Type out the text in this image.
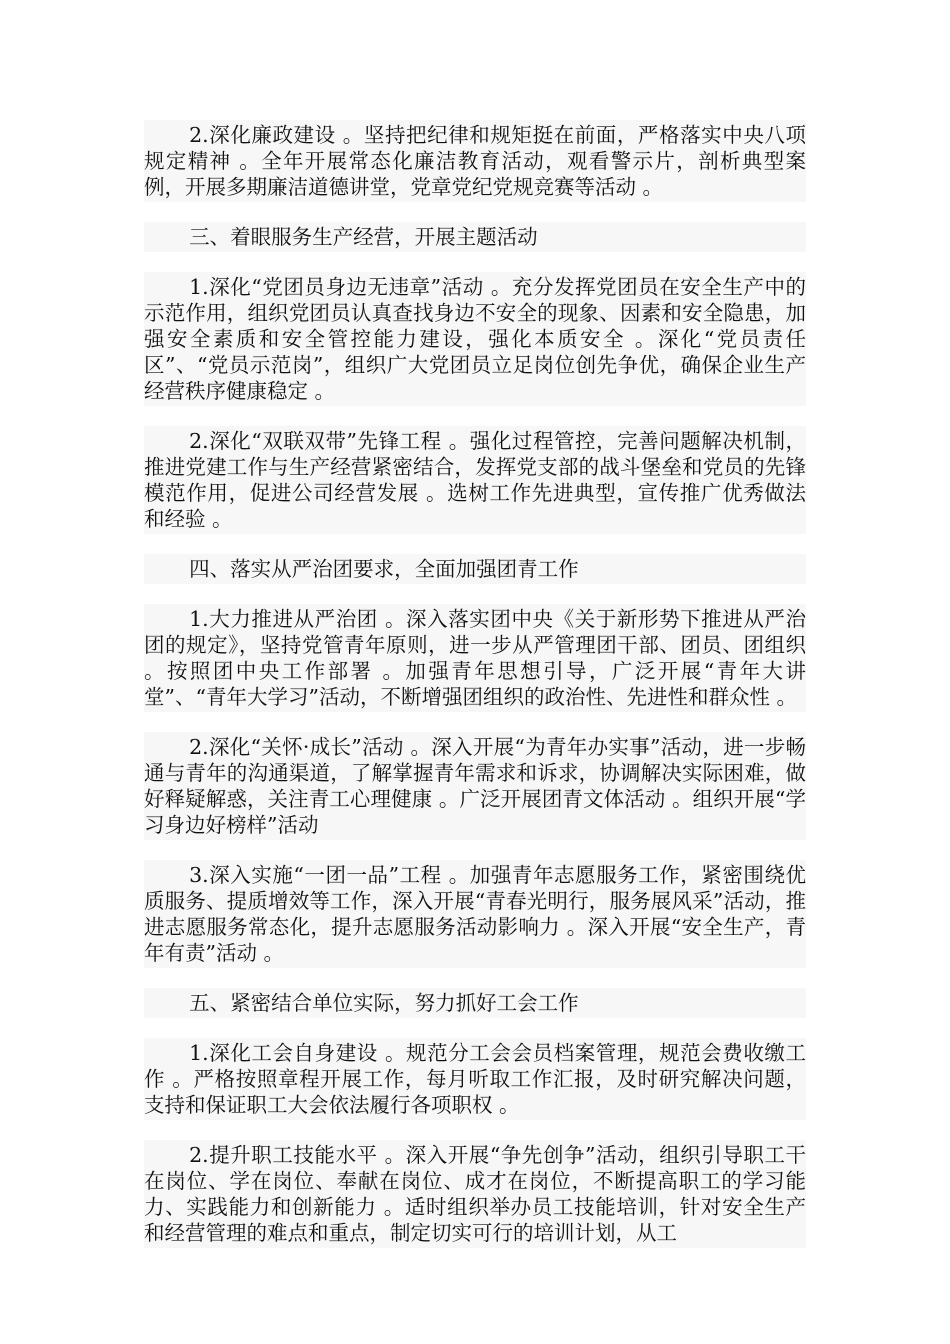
2.深化廉政建设 。坚持把纪律和规矩挺在前面，严格落实中央八项规定精神 。全年开展常态化廉洁教育活动，观看警示片，剖析典型案例，开展多期廉洁道德讲堂，党章党纪党规竞赛等活动 。

三、着眼服务生产经营，开展主题活动

1.深化“党团员身边无违章”活动 。充分发挥党团员在安全生产中的示范作用，组织党团员认真查找身边不安全的现象、因素和安全隐患，加强安全素质和安全管控能力建设，强化本质安全 。深化“党员责任区”、“党员示范岗”，组织广大党团员立足岗位创先争优，确保企业生产经营秩序健康稳定 。

2.深化“双联双带”先锋工程 。强化过程管控，完善问题解决机制，推进党建工作与生产经营紧密结合，发挥党支部的战斗堡垒和党员的先锋模范作用，促进公司经营发展 。选树工作先进典型，宣传推广优秀做法和经验 。

四、落实从严治团要求，全面加强团青工作

1.大力推进从严治团 。深入落实团中央《关于新形势下推进从严治团的规定》，坚持党管青年原则，进一步从严管理团干部、团员、团组织 。按照团中央工作部署 。加强青年思想引导，广泛开展“青年大讲堂”、“青年大学习”活动，不断增强团组织的政治性、先进性和群众性 。

2.深化“关怀·成长”活动 。深入开展“为青年办实事”活动，进一步畅通与青年的沟通渠道，了解掌握青年需求和诉求，协调解决实际困难，做好释疑解惑，关注青工心理健康 。广泛开展团青文体活动 。组织开展“学习身边好榜样”活动

3.深入实施“一团一品”工程 。加强青年志愿服务工作，紧密围绕优质服务、提质增效等工作，深入开展“青春光明行，服务展风采”活动，推进志愿服务常态化，提升志愿服务活动影响力 。深入开展“安全生产，青年有责”活动 。

五、紧密结合单位实际，努力抓好工会工作

1.深化工会自身建设 。规范分工会会员档案管理，规范会费收缴工作 。严格按照章程开展工作，每月听取工作汇报，及时研究解决问题，支持和保证职工大会依法履行各项职权 。

2.提升职工技能水平 。深入开展“争先创争”活动，组织引导职工干在岗位、学在岗位、奉献在岗位、成才在岗位，不断提高职工的学习能力、实践能力和创新能力 。适时组织举办员工技能培训，针对安全生产和经营管理的难点和重点，制定切实可行的培训计划，从工
